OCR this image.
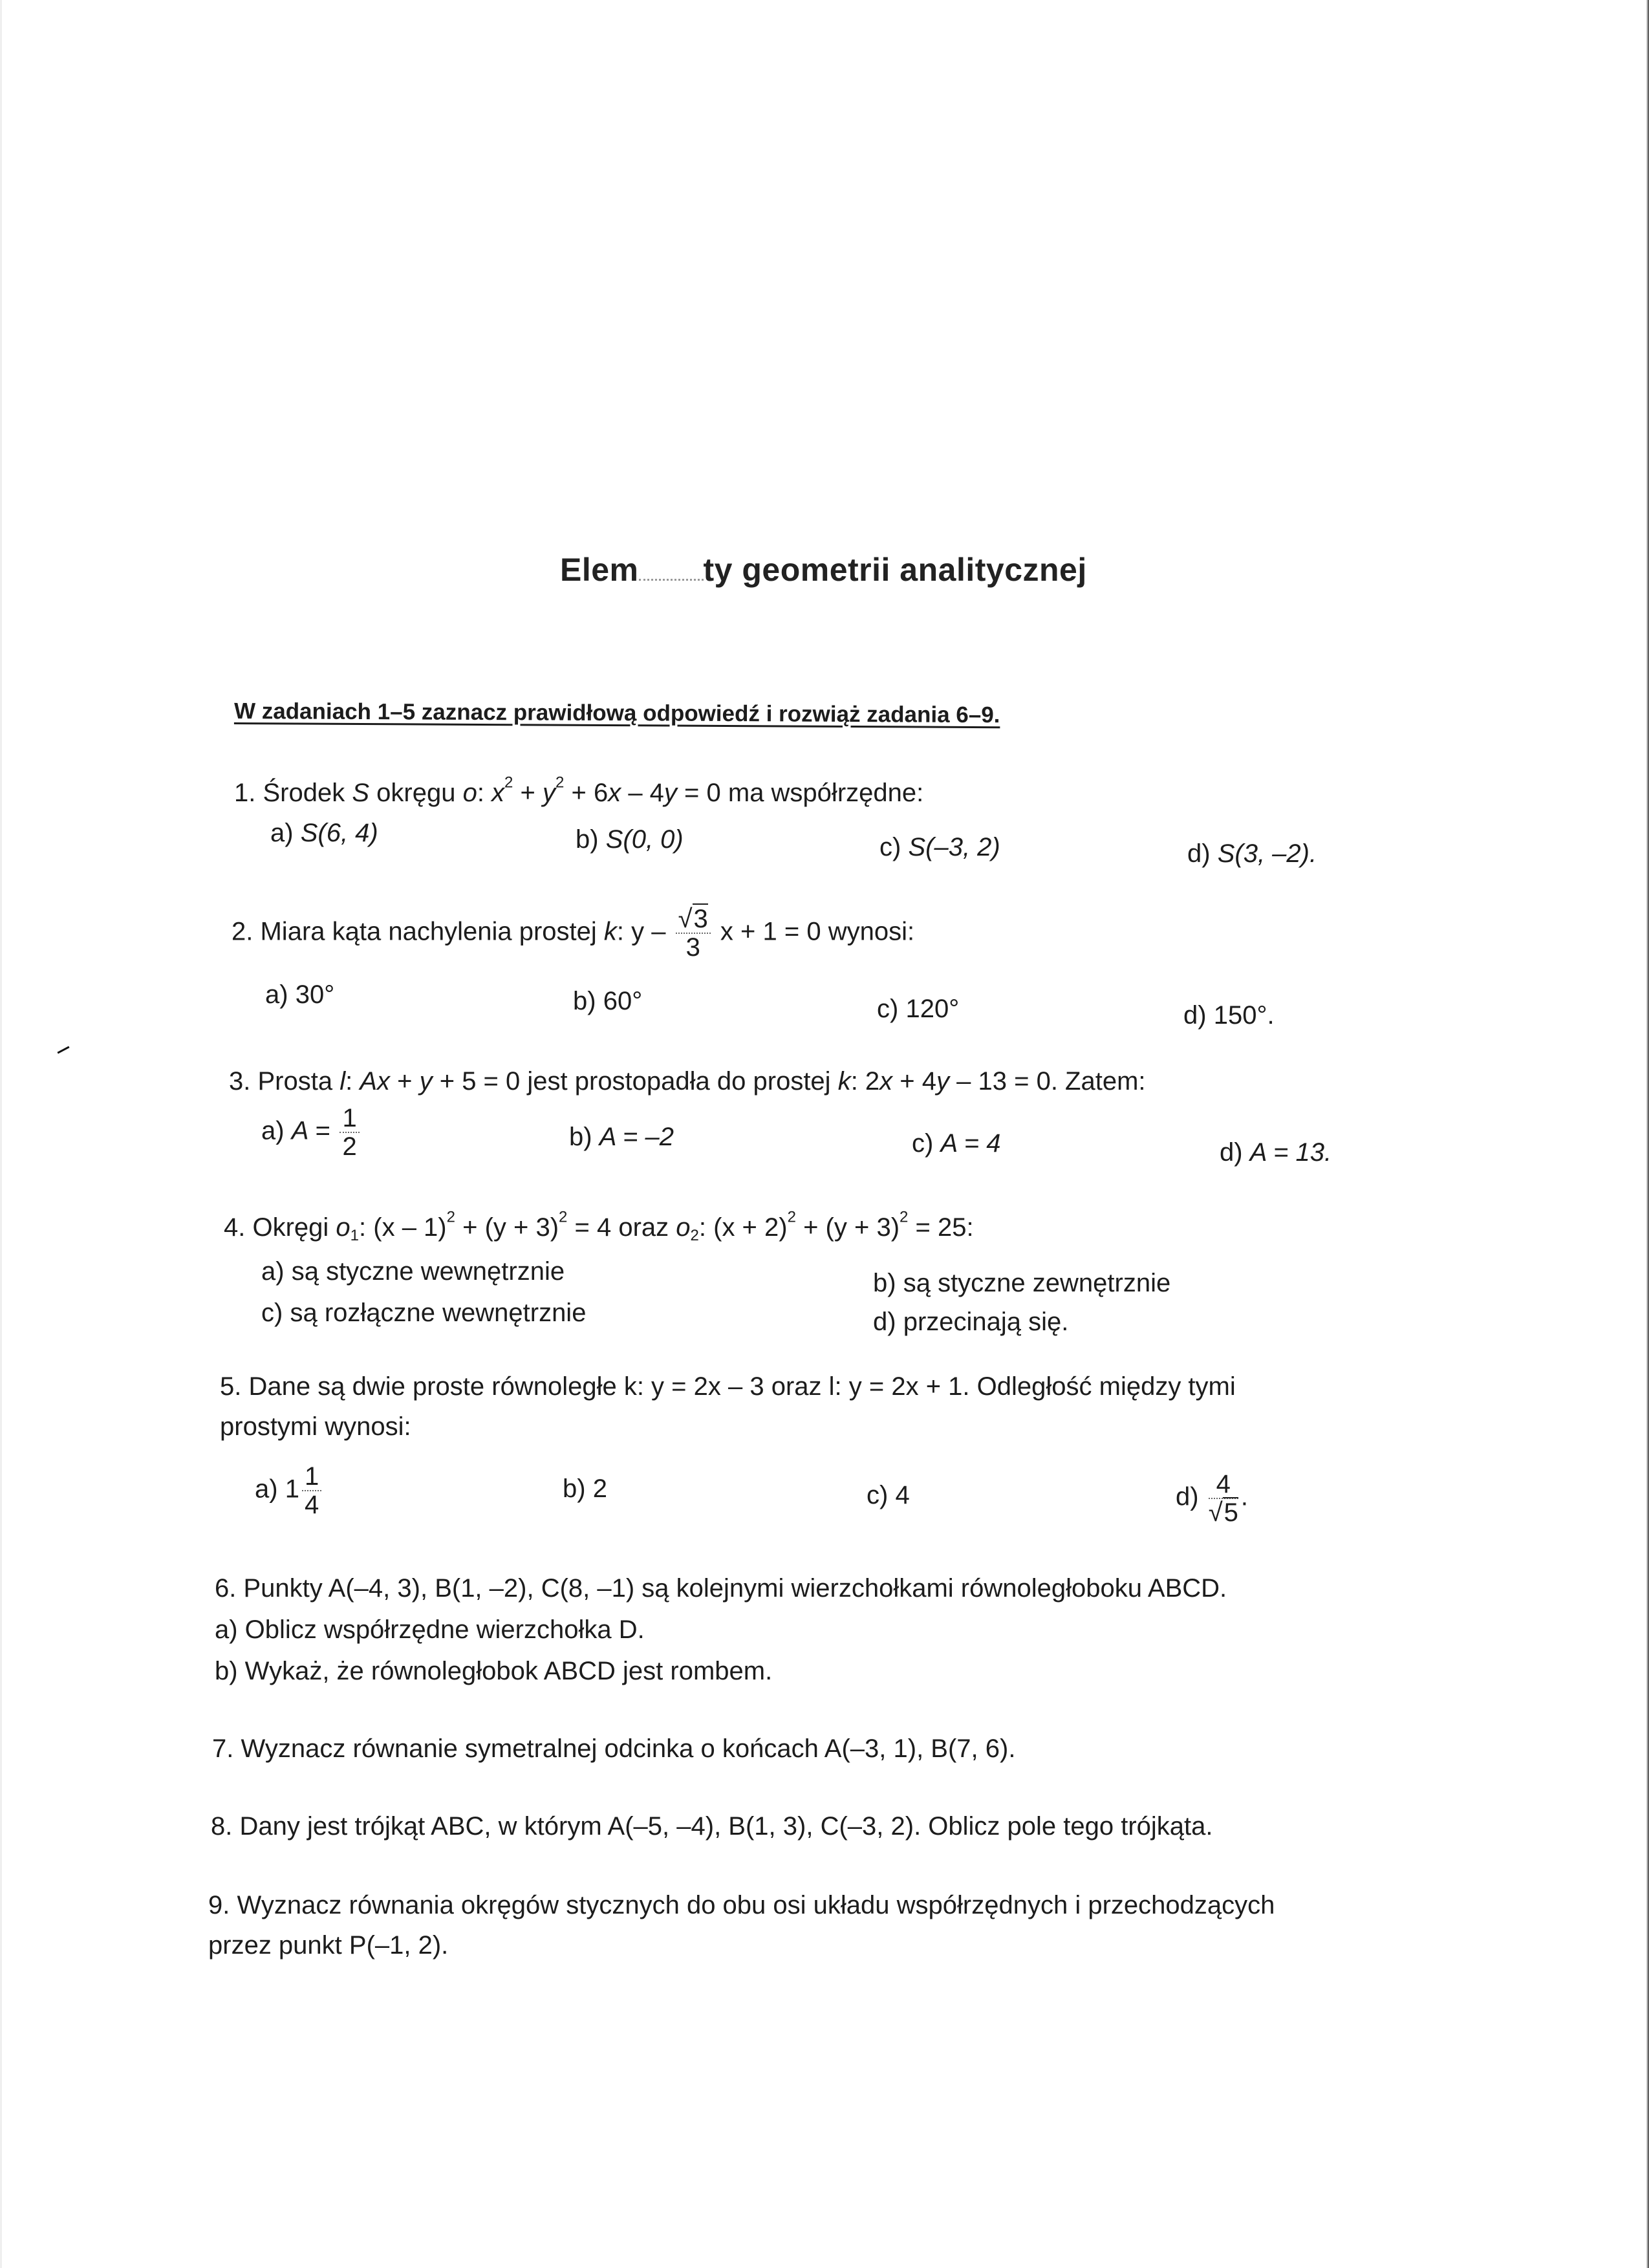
Elem ty geometrii analitycznej
W zadaniach 1–5 zaznacz prawidłową odpowiedź i rozwiąż zadania 6–9.
1. Środek S okręgu o: $x^2 + y^2 + 6x - 4y = 0$ ma współrzędne:
a) S(6, 4)	b) S(0, 0)	c) S(–3, 2)	d) S(3, –2).
2. Miara kąta nachylenia prostej k: y – $\frac{√3}{3}$ x + 1 = 0 wynosi:
a) 30°	b) 60°	c) 120°	d) 150°.
3. Prosta l: Ax + y + 5 = 0 jest prostopadła do prostej k: 2x + 4y – 13 = 0. Zatem:
a) $A = \frac{1}{2}$	b) A = –2	c) A = 4	d) A = 13.
4. Okręgi $o_1$: $(x - 1)^2 + (y + 3)^2 = 4$ oraz $o_2$: $(x + 2)^2 + (y + 3)^2 = 25$:
a) są styczne wewnętrznie	b) są styczne zewnętrznie
c) są rozłączne wewnętrznie	d) przecinają się.
5. Dane są dwie proste równoległe k: y = 2x – 3 oraz l: y = 2x + 1. Odległość między tymi
prostymi wynosi:
a) $1 \frac{1}{4}$	b) 2	c) 4	$d) \frac{4}{√5}$ .
6. Punkty A(–4, 3), B(1, –2), C(8, –1) są kolejnymi wierzchołkami równoległoboku ABCD.
a) Oblicz współrzędne wierzchołka D.
b) Wykaż, że równoległobok ABCD jest rombem.
7. Wyznacz równanie symetralnej odcinka o końcach A(–3, 1), B(7, 6).
8. Dany jest trójkąt ABC, w którym A(–5, –4), B(1, 3), C(–3, 2). Oblicz pole tego trójkąta.
9. Wyznacz równania okręgów stycznych do obu osi układu współrzędnych i przechodzących
przez punkt P(–1, 2).
